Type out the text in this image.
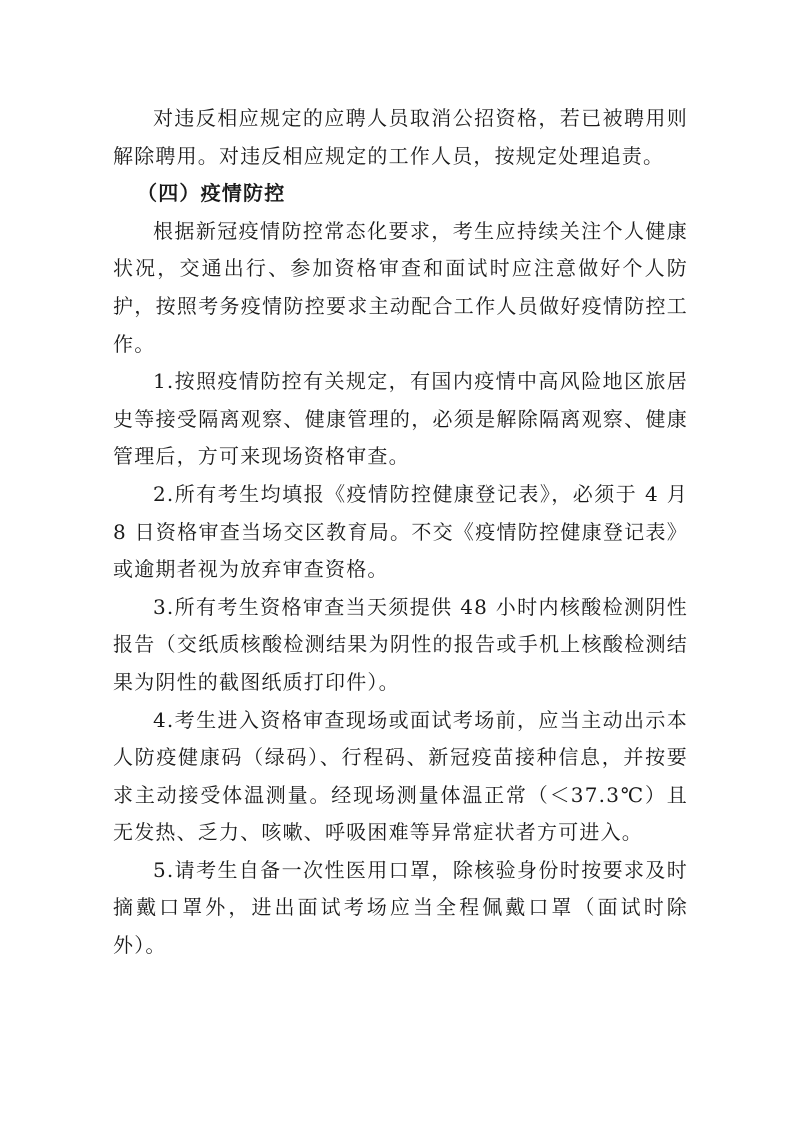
对违反相应规定的应聘人员取消公招资格，若已被聘用则解除聘用。对违反相应规定的工作人员，按规定处理追责。

（四）疫情防控

根据新冠疫情防控常态化要求，考生应持续关注个人健康状况，交通出行、参加资格审查和面试时应注意做好个人防护，按照考务疫情防控要求主动配合工作人员做好疫情防控工作。

1.按照疫情防控有关规定，有国内疫情中高风险地区旅居史等接受隔离观察、健康管理的，必须是解除隔离观察、健康管理后，方可来现场资格审查。

2.所有考生均填报《疫情防控健康登记表》，必须于 4 月 8 日资格审查当场交区教育局。不交《疫情防控健康登记表》或逾期者视为放弃审查资格。

3.所有考生资格审查当天须提供 48 小时内核酸检测阴性报告（交纸质核酸检测结果为阴性的报告或手机上核酸检测结果为阴性的截图纸质打印件）。

4.考生进入资格审查现场或面试考场前，应当主动出示本人防疫健康码（绿码）、行程码、新冠疫苗接种信息，并按要求主动接受体温测量。经现场测量体温正常（＜37.3℃）且无发热、乏力、咳嗽、呼吸困难等异常症状者方可进入。

5.请考生自备一次性医用口罩，除核验身份时按要求及时摘戴口罩外，进出面试考场应当全程佩戴口罩（面试时除外）。
